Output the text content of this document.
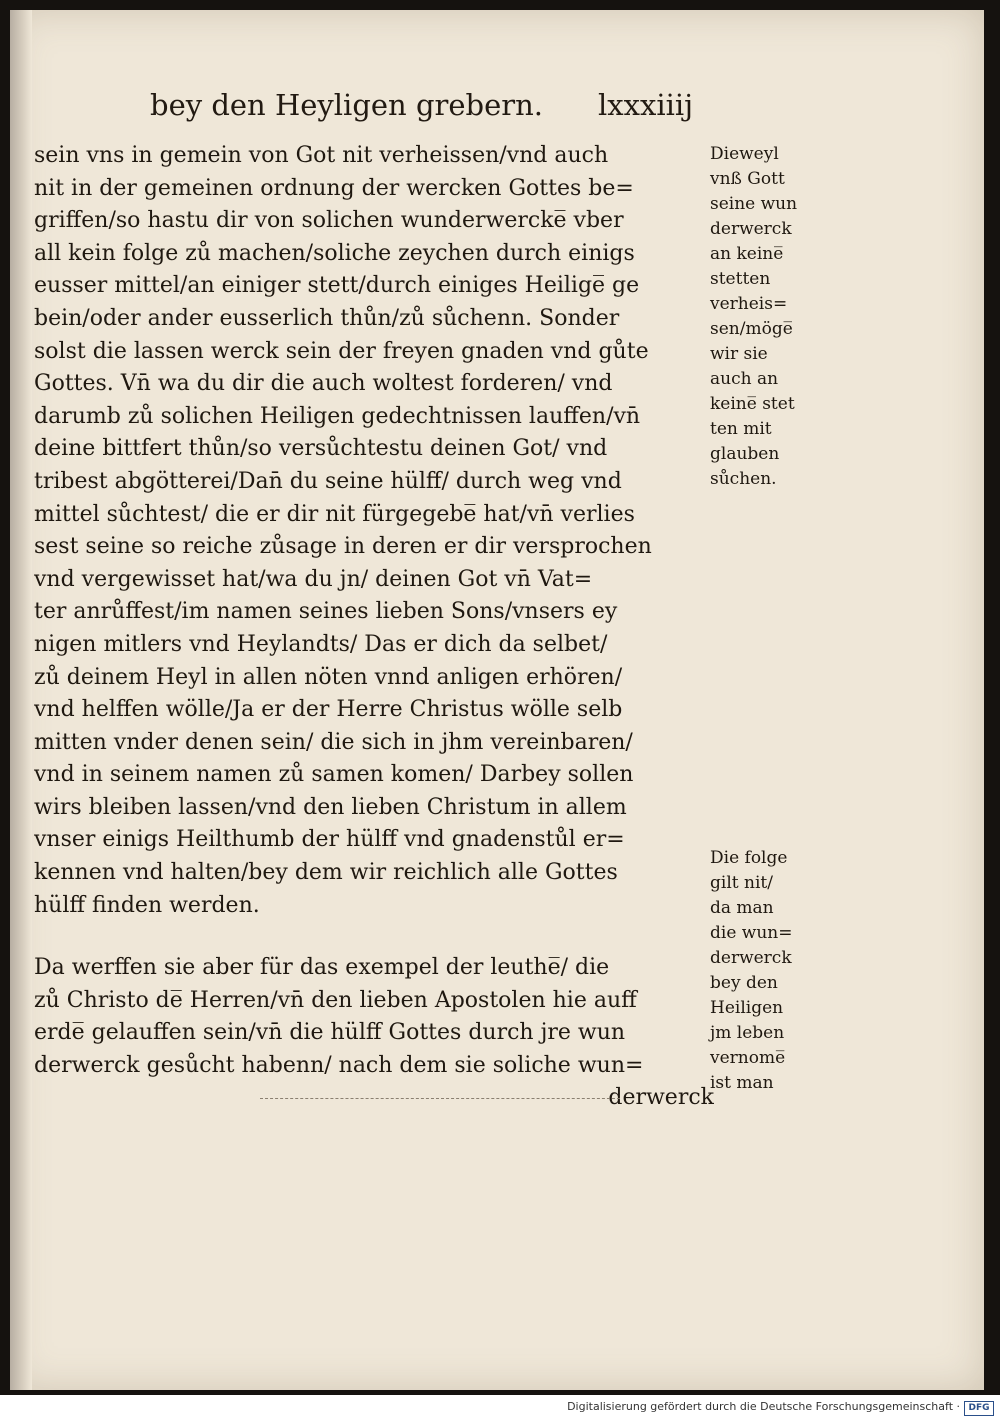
bey den Heyligen grebern. lxxxiiij
sein vns in gemein von Got nit verheissen/vnd auch
nit in der gemeinen ordnung der wercken Gottes be=
griffen/so hastu dir von solichen wunderwercke̅ vber
all kein folge zů machen/soliche zeychen durch einigs
eusser mittel/an einiger stett/durch einiges Heilige̅ ge
bein/oder ander eusserlich thůn/zů sůchenn. Sonder
solst die lassen werck sein der freyen gnaden vnd gůte
Gottes. Vn̄ wa du dir die auch woltest forderen/ vnd
darumb zů solichen Heiligen gedechtnissen lauffen/vn̄
deine bittfert thůn/so versůchtestu deinen Got/ vnd
tribest abgötterei/Dan̄ du seine hülff/ durch weg vnd
mittel sůchtest/ die er dir nit fürgegebe̅ hat/vn̄ verlies
sest seine so reiche zůsage in deren er dir versprochen
vnd vergewisset hat/wa du jn/ deinen Got vn̄ Vat=
ter anrůffest/im namen seines lieben Sons/vnsers ey
nigen mitlers vnd Heylandts/ Das er dich da selbet/
zů deinem Heyl in allen nöten vnnd anligen erhören/
vnd helffen wölle/Ja er der Herre Christus wölle selb
mitten vnder denen sein/ die sich in jhm vereinbaren/
vnd in seinem namen zů samen komen/ Darbey sollen
wirs bleiben lassen/vnd den lieben Christum in allem
vnser einigs Heilthumb der hülff vnd gnadenstůl er=
kennen vnd halten/bey dem wir reichlich alle Gottes
hülff finden werden.
Da werffen sie aber für das exempel der leuthe̅/ die
zů Christo de̅ Herren/vn̄ den lieben Apostolen hie auff
erde̅ gelauffen sein/vn̄ die hülff Gottes durch jre wun
derwerck gesůcht habenn/ nach dem sie soliche wun=
derwerck
Dieweyl
vnß Gott
seine wun
derwerck
an keine̅
stetten
verheis=
sen/möge̅
wir sie
auch an
keine̅ stet
ten mit
glauben
sůchen.
Die folge
gilt nit/
da man
die wun=
derwerck
bey den
Heiligen
jm leben
vernome̅
ist man
Digitalisierung gefördert durch die Deutsche Forschungsgemeinschaft · DFG
